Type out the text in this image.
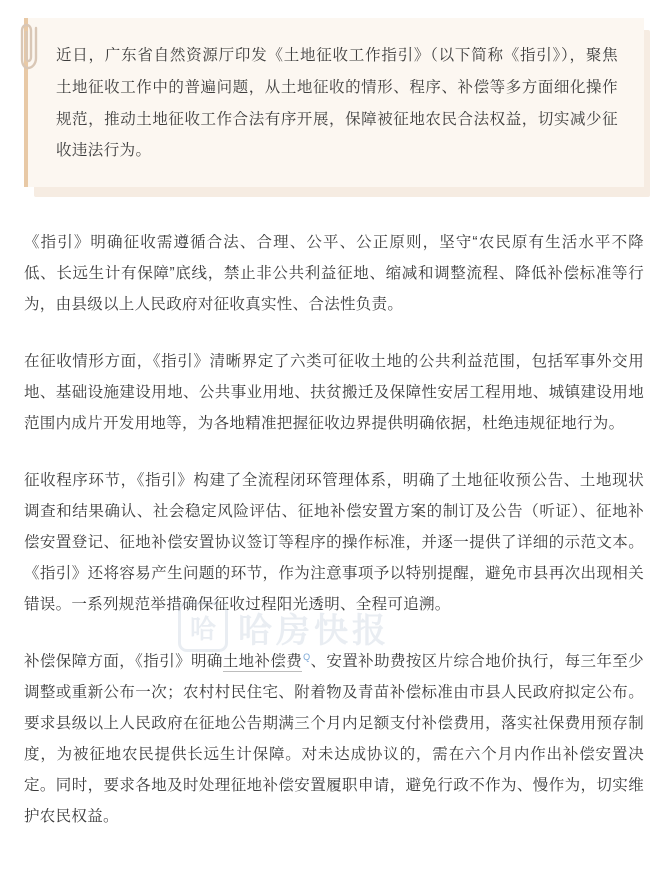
近日，广东省自然资源厅印发《土地征收工作指引》（以下简称《指引》），聚焦土地征收工作中的普遍问题，从土地征收的情形、程序、补偿等多方面细化操作规范，推动土地征收工作合法有序开展，保障被征地农民合法权益，切实减少征收违法行为。

《指引》明确征收需遵循合法、合理、公平、公正原则，坚守“农民原有生活水平不降低、长远生计有保障”底线，禁止非公共利益征地、缩减和调整流程、降低补偿标准等行为，由县级以上人民政府对征收真实性、合法性负责。

在征收情形方面，《指引》清晰界定了六类可征收土地的公共利益范围，包括军事外交用地、基础设施建设用地、公共事业用地、扶贫搬迁及保障性安居工程用地、城镇建设用地范围内成片开发用地等，为各地精准把握征收边界提供明确依据，杜绝违规征地行为。

征收程序环节，《指引》构建了全流程闭环管理体系，明确了土地征收预公告、土地现状调查和结果确认、社会稳定风险评估、征地补偿安置方案的制订及公告（听证）、征地补偿安置登记、征地补偿安置协议签订等程序的操作标准，并逐一提供了详细的示范文本。《指引》还将容易产生问题的环节，作为注意事项予以特别提醒，避免市县再次出现相关错误。一系列规范举措确保征收过程阳光透明、全程可追溯。

补偿保障方面，《指引》明确土地补偿费$^Q$、安置补助费按区片综合地价执行，每三年至少调整或重新公布一次；农村村民住宅、附着物及青苗补偿标准由市县人民政府拟定公布。要求县级以上人民政府在征地公告期满三个月内足额支付补偿费用，落实社保费用预存制度，为被征地农民提供长远生计保障。对未达成协议的，需在六个月内作出补偿安置决定。同时，要求各地及时处理征地补偿安置履职申请，避免行政不作为、慢作为，切实维护农民权益。

哈 哈房快报
